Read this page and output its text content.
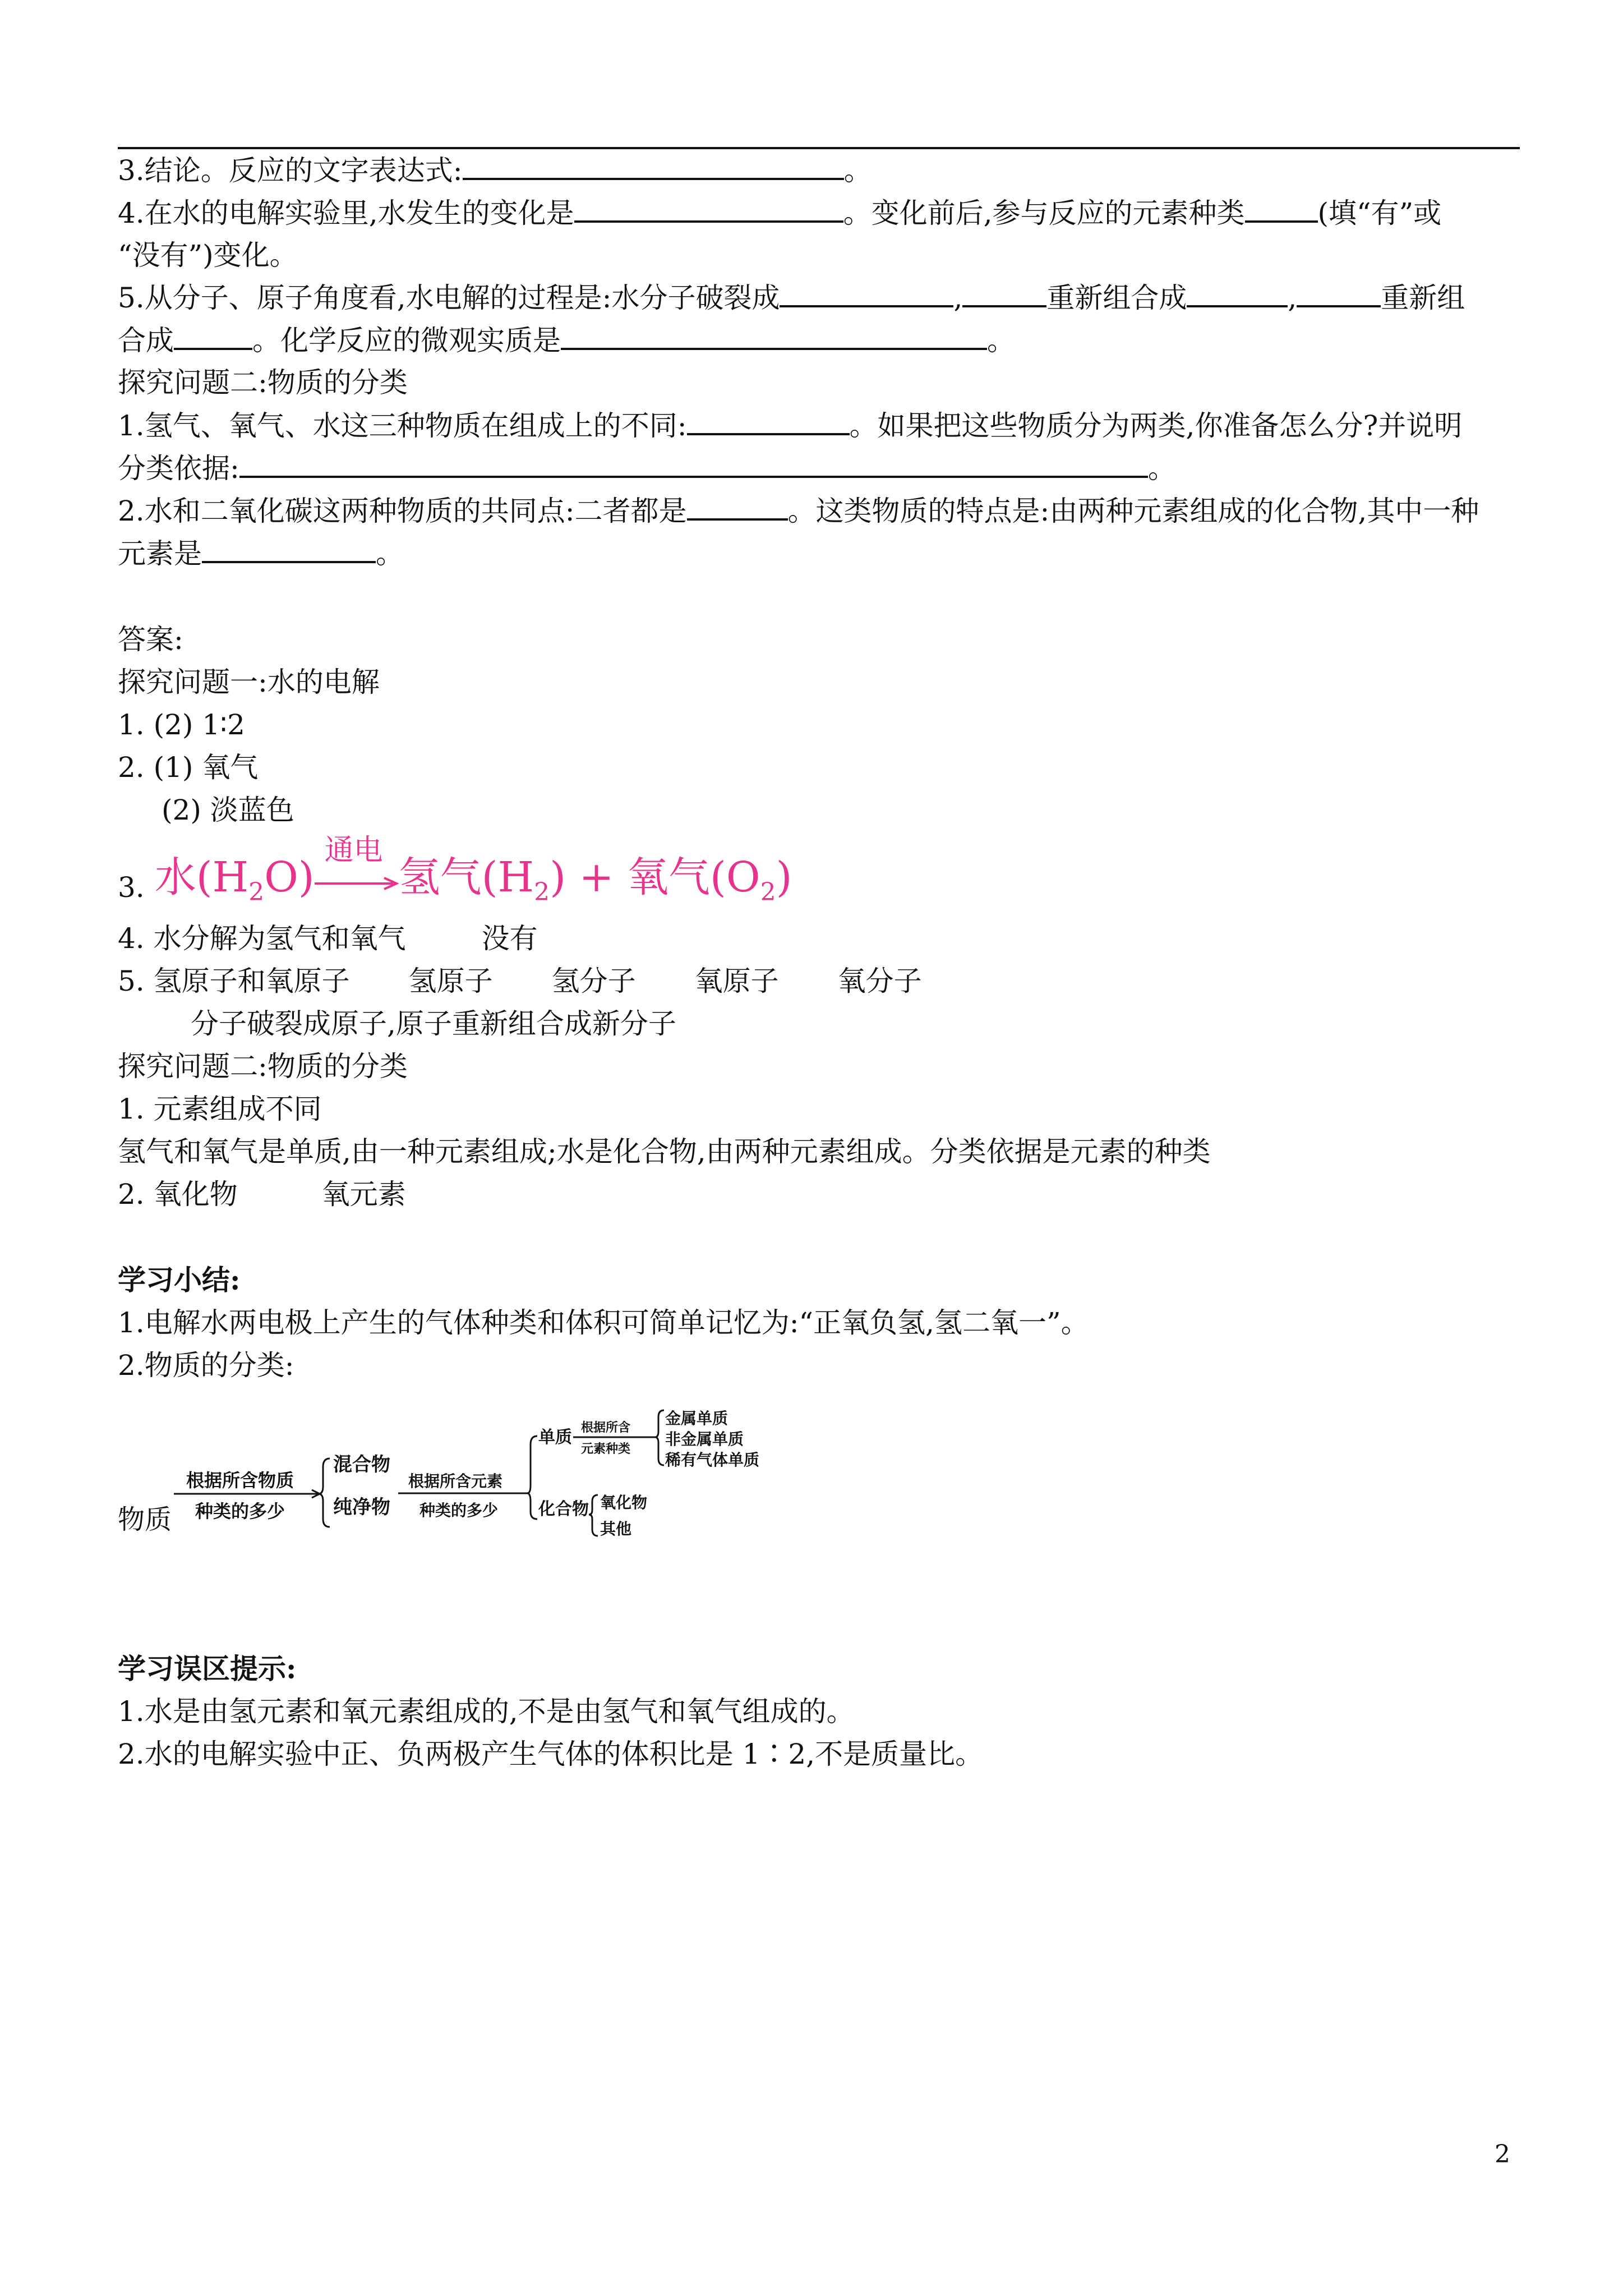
3.结论。反应的文字表达式:	。
4.在水的电解实验里,水发生的变化是	。变化前后,参与反应的元素种类	(填“有”或
“没有”)变化。
5.从分子、原子角度看,水电解的过程是:水分子破裂成	,	重新组合成	,	重新组
合成	。化学反应的微观实质是	。
探究问题二:物质的分类
1.氢气、氧气、水这三种物质在组成上的不同:	。如果把这些物质分为两类,你准备怎么分?并说明
分类依据:	。
2.水和二氧化碳这两种物质的共同点:二者都是	。这类物质的特点是:由两种元素组成的化合物,其中一种
元素是	。
答案:
探究问题一:水的电解
1. (2) 1∶2
2. (1) 氧气
(2) 淡蓝色
3. 水$(H_2O)$
通电
氢气$(H_2)$ + 氧气$(O_2)$
4. 水分解为氢气和氧气	没有
5. 氢原子和氧原子 氢原子 氢分子 氧原子 氧分子
分子破裂成原子,原子重新组合成新分子
探究问题二:物质的分类
1. 元素组成不同
氢气和氧气是单质,由一种元素组成;水是化合物,由两种元素组成。分类依据是元素的种类
2. 氧化物	氧元素
学习小结:
1.电解水两电极上产生的气体种类和体积可简单记忆为:“正氧负氢,氢二氧一”。
2.物质的分类:
物质
根据所含物质
种类的多少
混合物
纯净物
根据所含元素
种类的多少
单质
化合物
根据所含
元素种类
金属单质
非金属单质
稀有气体单质
氧化物
其他
学习误区提示:
1.水是由氢元素和氧元素组成的,不是由氢气和氧气组成的。
2.水的电解实验中正、负两极产生气体的体积比是 1∶2,不是质量比。
2
